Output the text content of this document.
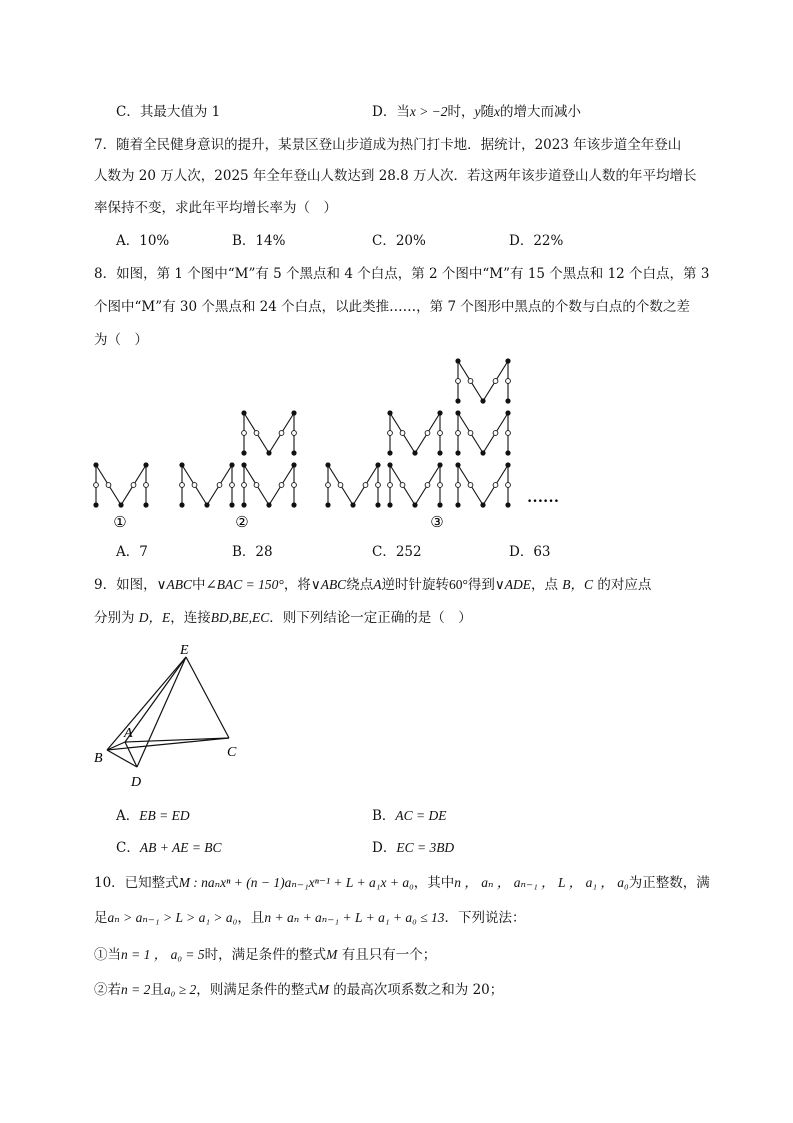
C．其最大值为 1	D．当x > −2时，y随x的增大而减小
7．随着全民健身意识的提升，某景区登山步道成为热门打卡地．据统计，2023 年该步道全年登山
人数为 20 万人次，2025 年全年登山人数达到 28.8 万人次．若这两年该步道登山人数的年平均增长
率保持不变，求此年平均增长率为（　）
A．10%	B．14%	C．20%	D．22%
8．如图，第 1 个图中“M”有 5 个黑点和 4 个白点，第 2 个图中“M”有 15 个黑点和 12 个白点，第 3
个图中“M”有 30 个黑点和 24 个白点，以此类推……，第 7 个图形中黑点的个数与白点的个数之差
为（　）
①	②	③
……
A．7	B．28	C．252	D．63
9．如图，∨ABC中∠BAC = 150°，将∨ABC绕点A逆时针旋转60°得到∨ADE，点 B，C 的对应点
分别为 D，E，连接BD,BE,EC．则下列结论一定正确的是（　）
E
A
B	C
D
A．EB = ED	B．AC = DE
C．AB + AE = BC	D．EC = 3BD
10．已知整式M : naₙxⁿ + (n − 1)aₙ₋₁xⁿ⁻¹ + L + a₁x + a₀，其中n ， aₙ ， aₙ₋₁ ， L ， a₁ ， a₀为正整数，满
足aₙ > aₙ₋₁ > L > a₁ > a₀，且n + aₙ + aₙ₋₁ + L + a₁ + a₀ ≤ 13．下列说法：
①当n = 1 ， a₀ = 5时，满足条件的整式M 有且只有一个；
②若n = 2且a₀ ≥ 2，则满足条件的整式M 的最高次项系数之和为 20；
